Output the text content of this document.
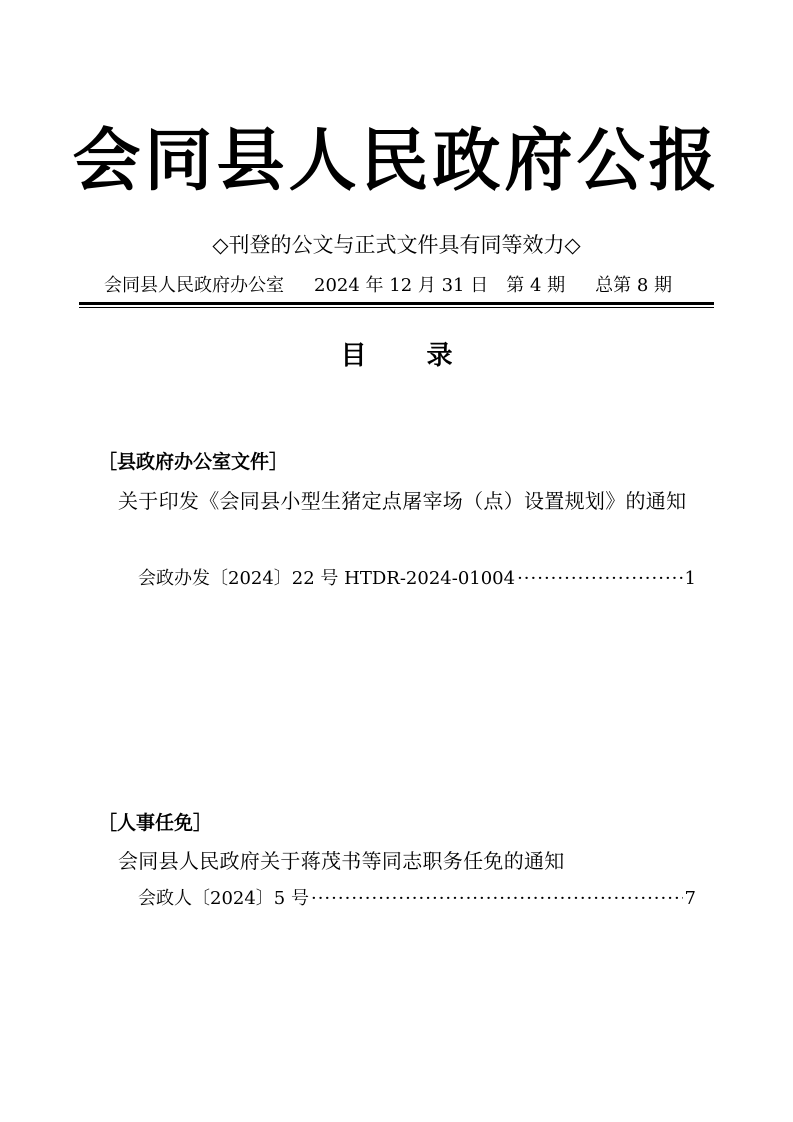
会同县人民政府公报
◇刊登的公文与正式文件具有同等效力◇
会同县人民政府办公室 2024 年 12 月 31 日 第 4 期 总第 8 期
目录
［县政府办公室文件］
关于印发《会同县小型生猪定点屠宰场（点）设置规划》的通知
会政办发〔2024〕22 号 HTDR-2024-01004 ·····	1
［人事任免］
会同县人民政府关于蒋茂书等同志职务任免的通知
会政人〔2024〕5 号 ·····	7
